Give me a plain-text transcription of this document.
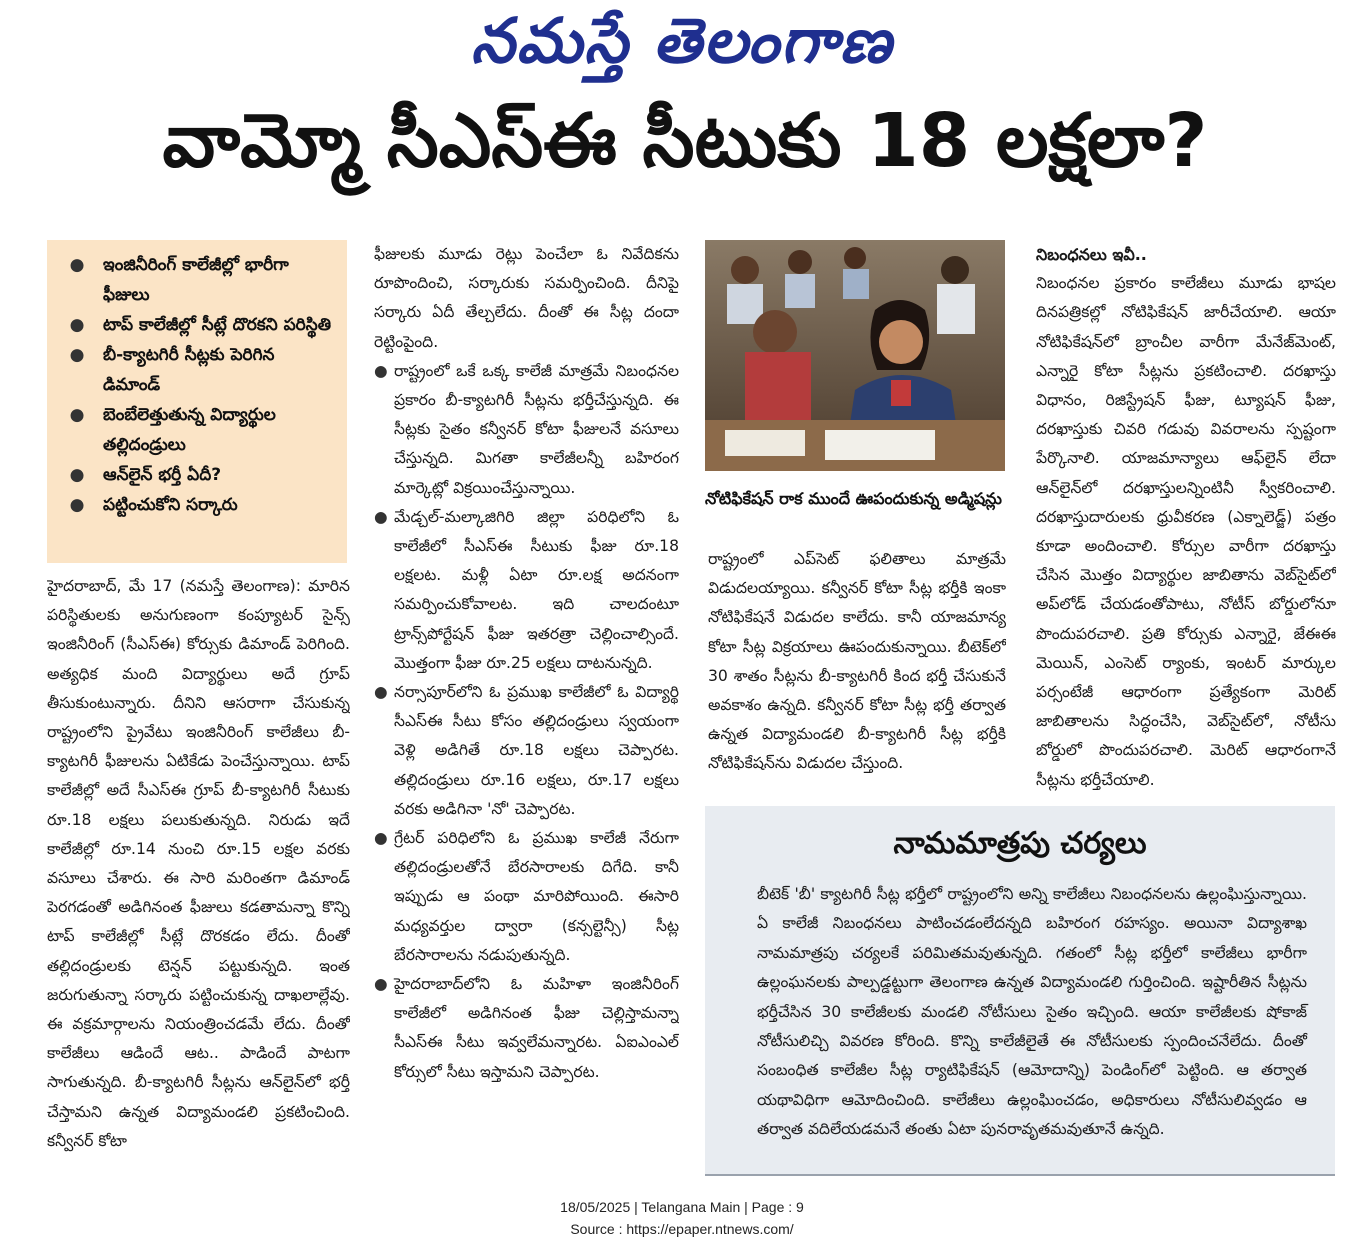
నమస్తే తెలంగాణ
వామ్మో సీఎస్ఈ సీటుకు 18 లక్షలా?
● ఇంజినీరింగ్ కాలేజీల్లో భారీగా ఫీజులు
● టాప్ కాలేజీల్లో సీట్లే దొరకని పరిస్థితి
● బీ-క్యాటగిరీ సీట్లకు పెరిగిన డిమాండ్
● బెంబేలెత్తుతున్న విద్యార్థుల తల్లిదండ్రులు
● ఆన్‌లైన్ భర్తీ ఏదీ?
● పట్టించుకోని సర్కారు

హైదరాబాద్, మే 17 (నమస్తే తెలంగాణ): మారిన పరిస్థితులకు అనుగుణంగా కంప్యూటర్ సైన్స్ ఇంజినీరింగ్ (సీఎస్ఈ) కోర్సుకు డిమాండ్ పెరిగింది. అత్యధిక మంది విద్యార్థులు అదే గ్రూప్ తీసుకుంటున్నారు. దీనిని ఆసరాగా చేసుకున్న రాష్ట్రంలోని ప్రైవేటు ఇంజినీరింగ్ కాలేజీలు బీ-క్యాటగిరీ ఫీజులను ఏటికేడు పెంచేస్తున్నాయి. టాప్ కాలేజీల్లో అదే సీఎస్ఈ గ్రూప్ బీ-క్యాటగిరీ సీటుకు రూ.18 లక్షలు పలుకుతున్నది. నిరుడు ఇదే కాలేజీల్లో రూ.14 నుంచి రూ.15 లక్షల వరకు వసూలు చేశారు. ఈ సారి మరింతగా డిమాండ్ పెరగడంతో అడిగినంత ఫీజులు కడతామన్నా కొన్ని టాప్ కాలేజీల్లో సీట్లే దొరకడం లేదు. దీంతో తల్లిదండ్రులకు టెన్షన్ పట్టుకున్నది. ఇంత జరుగుతున్నా సర్కారు పట్టించుకున్న దాఖలాల్లేవు. ఈ వక్రమార్గాలను నియంత్రించడమే లేదు. దీంతో కాలేజీలు ఆడిందే ఆట.. పాడిందే పాటగా సాగుతున్నది. బీ-క్యాటగిరీ సీట్లను ఆన్‌లైన్‌లో భర్తీ చేస్తామని ఉన్నత విద్యామండలి ప్రకటించింది. కన్వీనర్ కోటా

ఫీజులకు మూడు రెట్లు పెంచేలా ఓ నివేదికను రూపొందించి, సర్కారుకు సమర్పించింది. దీనిపై సర్కారు ఏదీ తేల్చలేదు. దీంతో ఈ సీట్ల దందా రెట్టింపైంది.

● రాష్ట్రంలో ఒకే ఒక్క కాలేజీ మాత్రమే నిబంధనల ప్రకారం బీ-క్యాటగిరీ సీట్లను భర్తీచేస్తున్నది. ఈ సీట్లకు సైతం కన్వీనర్ కోటా ఫీజులనే వసూలు చేస్తున్నది. మిగతా కాలేజీలన్నీ బహిరంగ మార్కెట్లో విక్రయించేస్తున్నాయి.

● మేడ్చల్-మల్కాజిగిరి జిల్లా పరిధిలోని ఓ కాలేజీలో సీఎస్ఈ సీటుకు ఫీజు రూ.18 లక్షలట. మళ్లీ ఏటా రూ.లక్ష అదనంగా సమర్పించుకోవాలట. ఇది చాలదంటూ ట్రాన్స్‌పోర్టేషన్ ఫీజు ఇతరత్రా చెల్లించాల్సిందే. మొత్తంగా ఫీజు రూ.25 లక్షలు దాటనున్నది.

● నర్సాపూర్‌లోని ఓ ప్రముఖ కాలేజీలో ఓ విద్యార్థి సీఎస్ఈ సీటు కోసం తల్లిదండ్రులు స్వయంగా వెళ్లి అడిగితే రూ.18 లక్షలు చెప్పారట. తల్లిదండ్రులు రూ.16 లక్షలు, రూ.17 లక్షలు వరకు అడిగినా 'నో' చెప్పారట.

● గ్రేటర్ పరిధిలోని ఓ ప్రముఖ కాలేజీ నేరుగా తల్లిదండ్రులతోనే బేరసారాలకు దిగేది. కానీ ఇప్పుడు ఆ పంథా మారిపోయింది. ఈసారి మధ్యవర్తుల ద్వారా (కన్సల్టెన్సీ) సీట్ల బేరసారాలను నడుపుతున్నది.

● హైదరాబాద్‌లోని ఓ మహిళా ఇంజినీరింగ్ కాలేజీలో అడిగినంత ఫీజు చెల్లిస్తామన్నా సీఎస్ఈ సీటు ఇవ్వలేమన్నారట. ఏఐఎంఎల్ కోర్సులో సీటు ఇస్తామని చెప్పారట.

నోటిఫికేషన్ రాక ముందే ఊపందుకున్న అడ్మిషన్లు

రాష్ట్రంలో ఎప్‌సెట్ ఫలితాలు మాత్రమే విడుదలయ్యాయి. కన్వీనర్ కోటా సీట్ల భర్తీకి ఇంకా నోటిఫికేషనే విడుదల కాలేదు. కానీ యాజమాన్య కోటా సీట్ల విక్రయాలు ఊపందుకున్నాయి. బీటెక్‌లో 30 శాతం సీట్లను బీ-క్యాటగిరీ కింద భర్తీ చేసుకునే అవకాశం ఉన్నది. కన్వీనర్ కోటా సీట్ల భర్తీ తర్వాత ఉన్నత విద్యామండలి బీ-క్యాటగిరీ సీట్ల భర్తీకి నోటిఫికేషన్‌ను విడుదల చేస్తుంది.

నిబంధనలు ఇవీ..

నిబంధనల ప్రకారం కాలేజీలు మూడు భాషల దినపత్రికల్లో నోటిఫికేషన్ జారీచేయాలి. ఆయా నోటిఫికేషన్‌లో బ్రాంచీల వారీగా మేనేజ్‌మెంట్, ఎన్నారై కోటా సీట్లను ప్రకటించాలి. దరఖాస్తు విధానం, రిజిస్ట్రేషన్ ఫీజు, ట్యూషన్ ఫీజు, దరఖాస్తుకు చివరి గడువు వివరాలను స్పష్టంగా పేర్కొనాలి. యాజమాన్యాలు ఆఫ్‌లైన్ లేదా ఆన్‌లైన్‌లో దరఖాస్తులన్నింటినీ స్వీకరించాలి. దరఖాస్తుదారులకు ధ్రువీకరణ (ఎక్నాలెడ్జ్) పత్రం కూడా అందించాలి. కోర్సుల వారీగా దరఖాస్తు చేసిన మొత్తం విద్యార్థుల జాబితాను వెబ్‌సైట్‌లో అప్‌లోడ్ చేయడంతోపాటు, నోటీస్ బోర్డులోనూ పొందుపరచాలి. ప్రతి కోర్సుకు ఎన్నారై, జేఈఈ మెయిన్, ఎంసెట్ ర్యాంకు, ఇంటర్ మార్కుల పర్సంటేజీ ఆధారంగా ప్రత్యేకంగా మెరిట్ జాబితాలను సిద్ధంచేసి, వెబ్‌సైట్‌లో, నోటీసు బోర్డులో పొందుపరచాలి. మెరిట్ ఆధారంగానే సీట్లను భర్తీచేయాలి.

నామమాత్రపు చర్యలు
బీటెక్ 'బీ' క్యాటగిరీ సీట్ల భర్తీలో రాష్ట్రంలోని అన్ని కాలేజీలు నిబంధనలను ఉల్లంఘిస్తున్నాయి. ఏ కాలేజీ నిబంధనలు పాటించడంలేదన్నది బహిరంగ రహస్యం. అయినా విద్యాశాఖ నామమాత్రపు చర్యలకే పరిమితమవుతున్నది. గతంలో సీట్ల భర్తీలో కాలేజీలు భారీగా ఉల్లంఘనలకు పాల్పడ్డట్టుగా తెలంగాణ ఉన్నత విద్యామండలి గుర్తించింది. ఇష్టారీతిన సీట్లను భర్తీచేసిన 30 కాలేజీలకు మండలి నోటీసులు సైతం ఇచ్చింది. ఆయా కాలేజీలకు షోకాజ్ నోటీసులిచ్చి వివరణ కోరింది. కొన్ని కాలేజీలైతే ఈ నోటీసులకు స్పందించనేలేదు. దీంతో సంబంధిత కాలేజీల సీట్ల ర్యాటిఫికేషన్ (ఆమోదాన్ని) పెండింగ్‌లో పెట్టింది. ఆ తర్వాత యథావిధిగా ఆమోదించింది. కాలేజీలు ఉల్లంఘించడం, అధికారులు నోటీసులివ్వడం ఆ తర్వాత వదిలేయడమనే తంతు ఏటా పునరావృతమవుతూనే ఉన్నది.
18/05/2025 | Telangana Main | Page : 9
Source : https://epaper.ntnews.com/
